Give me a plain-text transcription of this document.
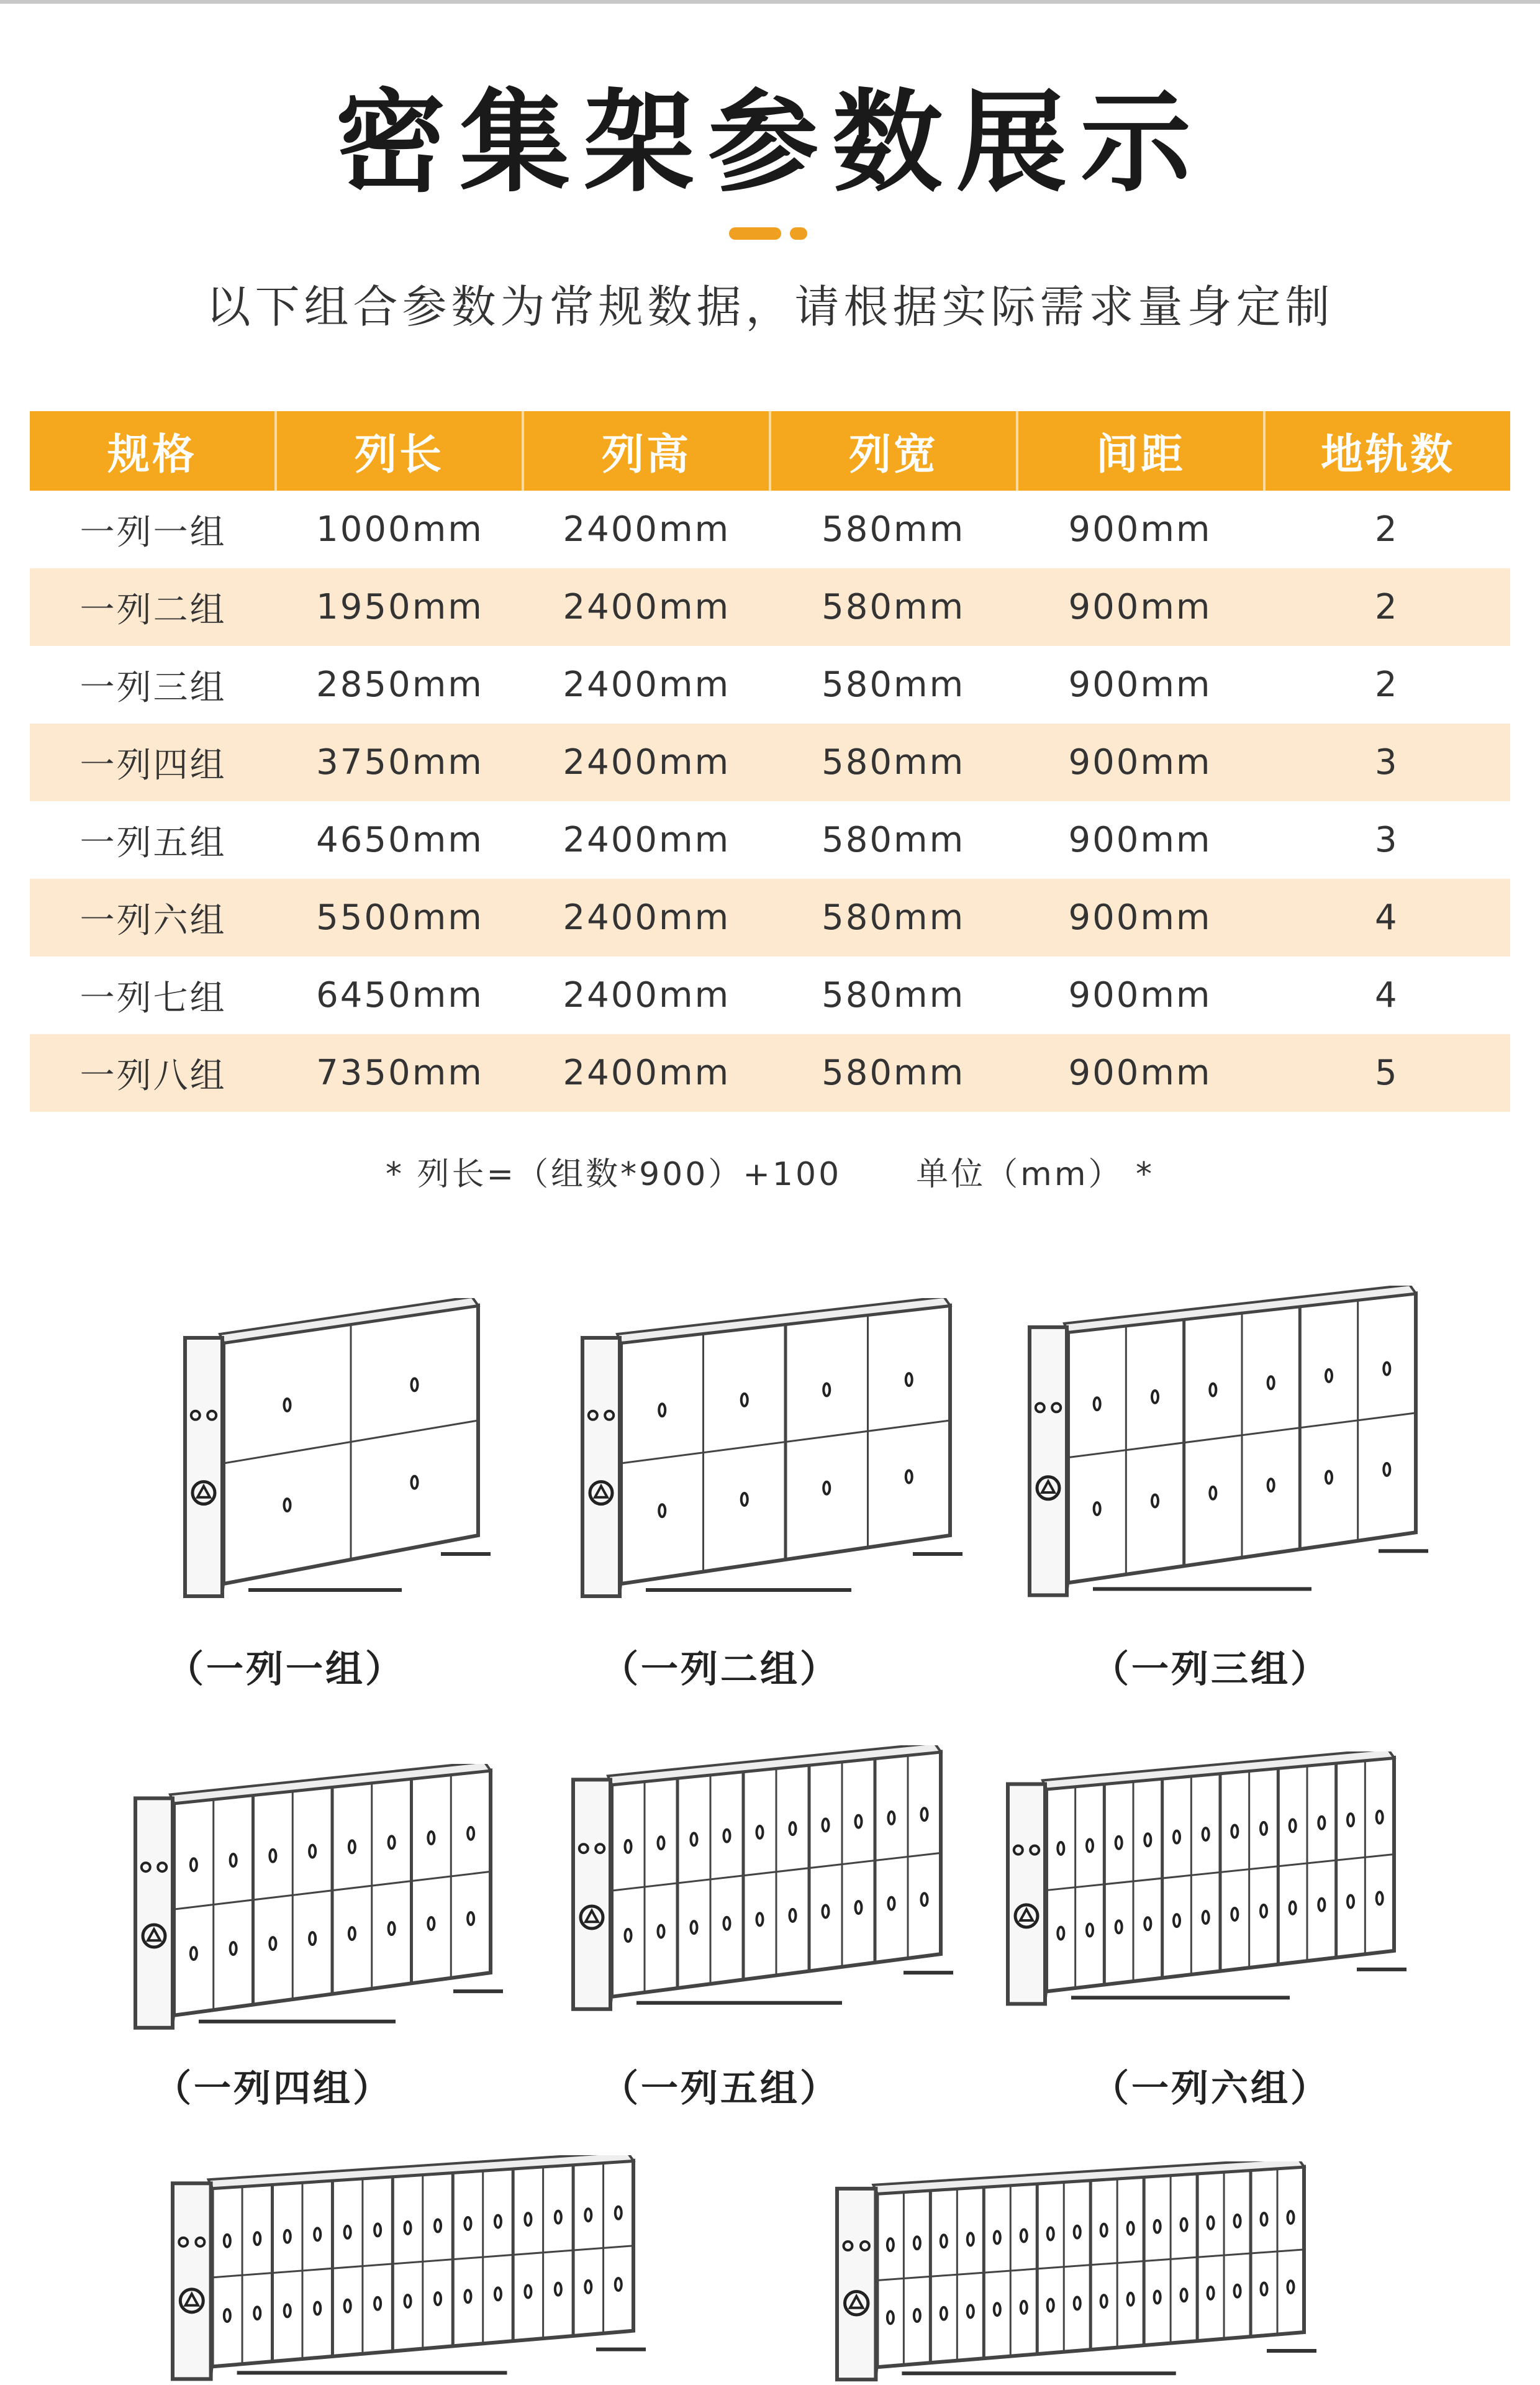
密集架参数展示
以下组合参数为常规数据，请根据实际需求量身定制
规格	列长	列高	列宽	间距	地轨数
一列一组	1000mm	2400mm	580mm	900mm	2
一列二组	1950mm	2400mm	580mm	900mm	2
一列三组	2850mm	2400mm	580mm	900mm	2
一列四组	3750mm	2400mm	580mm	900mm	3
一列五组	4650mm	2400mm	580mm	900mm	3
一列六组	5500mm	2400mm	580mm	900mm	4
一列七组	6450mm	2400mm	580mm	900mm	4
一列八组	7350mm	2400mm	580mm	900mm	5
* 列长=（组数*900）+100 单位（mm） *
（一列一组）	（一列二组）	（一列三组）
（一列四组）	（一列五组）	（一列六组）
